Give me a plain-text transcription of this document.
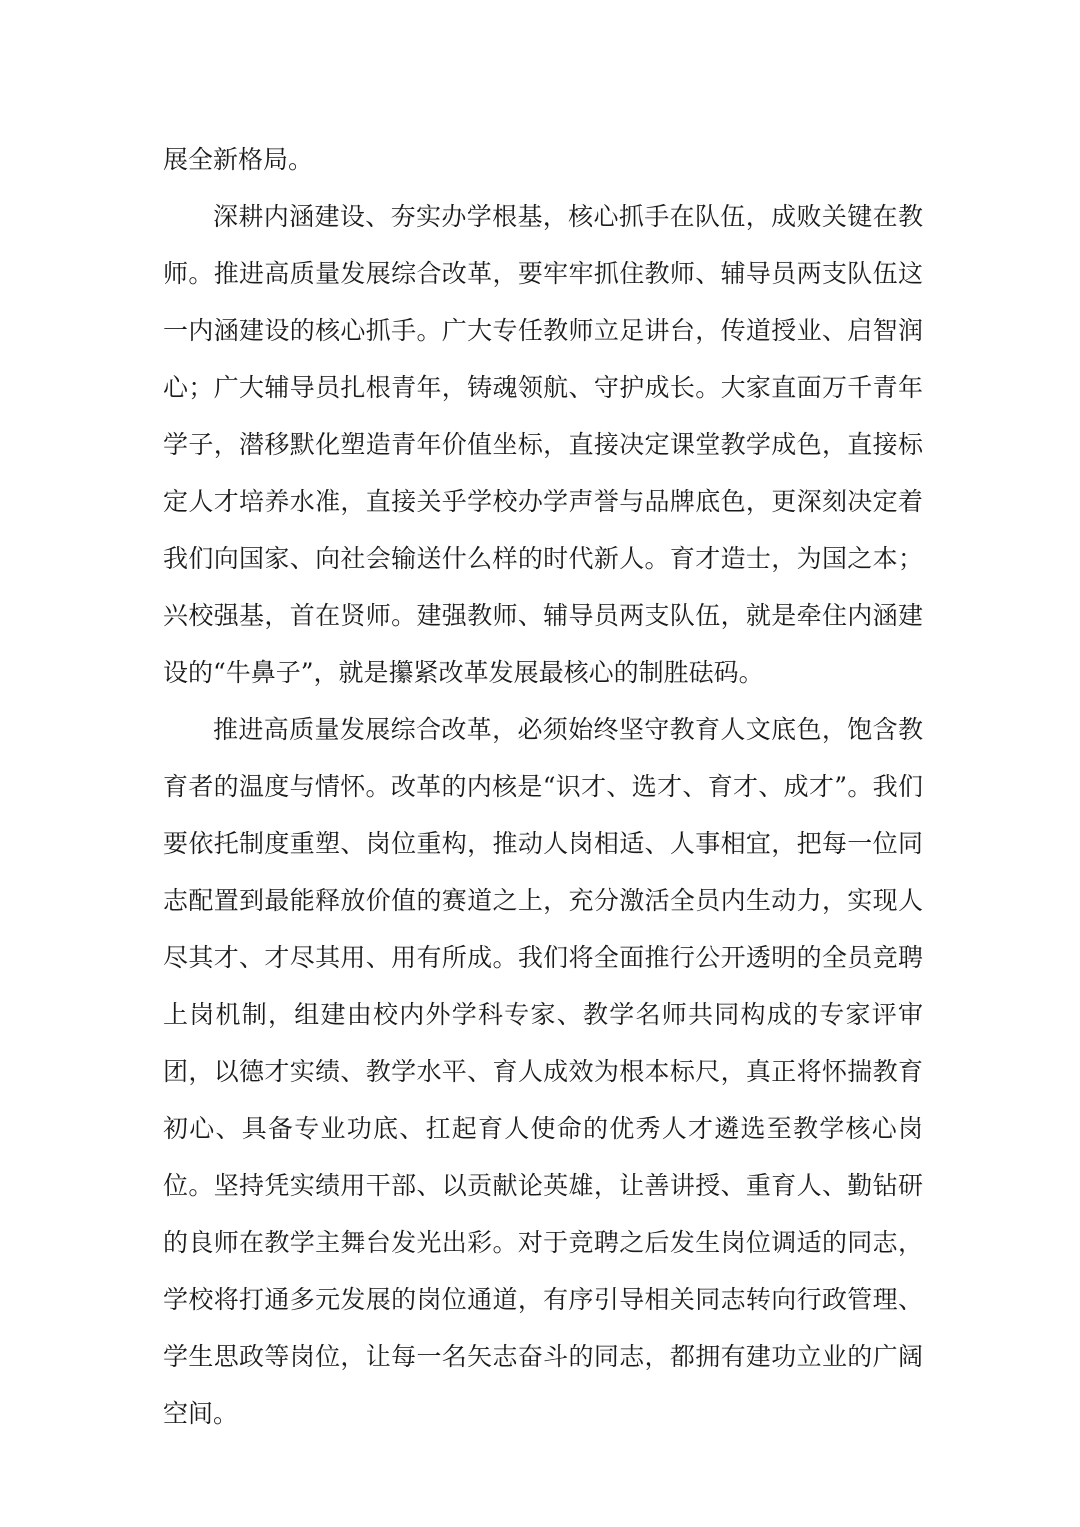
展全新格局。

深耕内涵建设、夯实办学根基，核心抓手在队伍，成败关键在教师。推进高质量发展综合改革，要牢牢抓住教师、辅导员两支队伍这一内涵建设的核心抓手。广大专任教师立足讲台，传道授业、启智润心；广大辅导员扎根青年，铸魂领航、守护成长。大家直面万千青年学子，潜移默化塑造青年价值坐标，直接决定课堂教学成色，直接标定人才培养水准，直接关乎学校办学声誉与品牌底色，更深刻决定着我们向国家、向社会输送什么样的时代新人。育才造士，为国之本；兴校强基，首在贤师。建强教师、辅导员两支队伍，就是牵住内涵建设的“牛鼻子”，就是攥紧改革发展最核心的制胜砝码。

推进高质量发展综合改革，必须始终坚守教育人文底色，饱含教育者的温度与情怀。改革的内核是“识才、选才、育才、成才”。我们要依托制度重塑、岗位重构，推动人岗相适、人事相宜，把每一位同志配置到最能释放价值的赛道之上，充分激活全员内生动力，实现人尽其才、才尽其用、用有所成。我们将全面推行公开透明的全员竞聘上岗机制，组建由校内外学科专家、教学名师共同构成的专家评审团，以德才实绩、教学水平、育人成效为根本标尺，真正将怀揣教育初心、具备专业功底、扛起育人使命的优秀人才遴选至教学核心岗位。坚持凭实绩用干部、以贡献论英雄，让善讲授、重育人、勤钻研的良师在教学主舞台发光出彩。对于竞聘之后发生岗位调适的同志，学校将打通多元发展的岗位通道，有序引导相关同志转向行政管理、学生思政等岗位，让每一名矢志奋斗的同志，都拥有建功立业的广阔空间。
